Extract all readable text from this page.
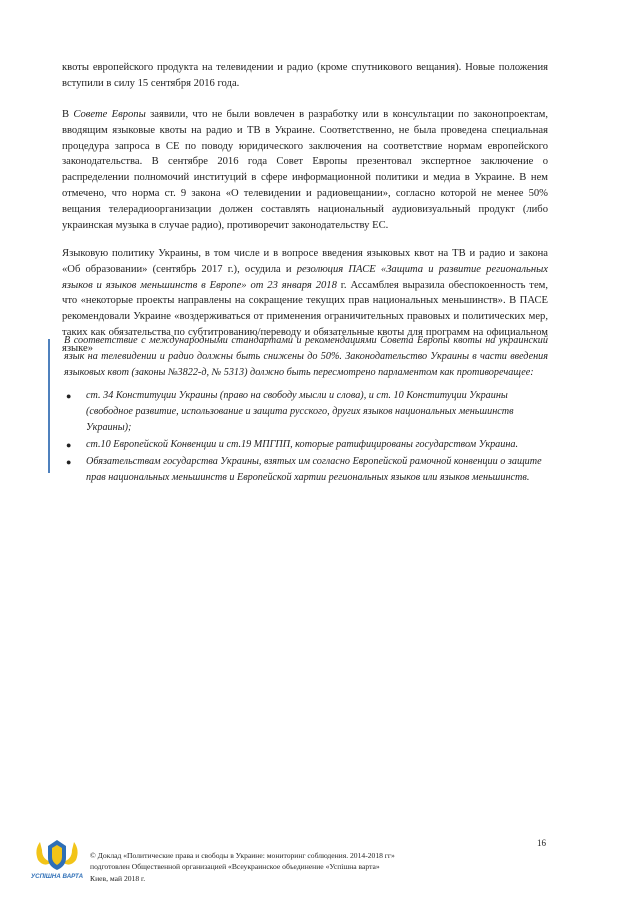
квоты европейского продукта на телевидении и радио (кроме спутникового вещания). Новые положения вступили в силу 15 сентября 2016 года.

В Совете Европы заявили, что не были вовлечен в разработку или в консультации по законопроектам, вводящим языковые квоты на радио и ТВ в Украине. Соответственно, не была проведена специальная процедура запроса в СЕ по поводу юридического заключения на соответствие нормам европейского законодательства. В сентябре 2016 года Совет Европы презентовал экспертное заключение о распределении полномочий институций в сфере информационной политики и медиа в Украине. В нем отмечено, что норма ст. 9 закона «О телевидении и радиовещании», согласно которой не менее 50% вещания телерадиоорганизации должен составлять национальный аудиовизуальный продукт (либо украинская музыка в случае радио), противоречит законодательству ЕС.

Языковую политику Украины, в том числе и в вопросе введения языковых квот на ТВ и радио и закона «Об образовании» (сентябрь 2017 г.), осудила и резолюция ПАСЕ «Защита и развитие региональных языков и языков меньшинств в Европе» от 23 января 2018 г. Ассамблея выразила обеспокоенность тем, что «некоторые проекты направлены на сокращение текущих прав национальных меньшинств». В ПАСЕ рекомендовали Украине «воздерживаться от применения ограничительных правовых и политических мер, таких как обязательства по субтитрованию/переводу и обязательные квоты для программ на официальном языке»

В соответствие с международными стандартами и рекомендациями Совета Европы квоты на украинский язык на телевидении и радио должны быть снижены до 50%. Законодательство Украины в части введения языковых квот (законы №3822-д, № 5313) должно быть пересмотрено парламентом как противоречащее:

● ст. 34 Конституции Украины (право на свободу мысли и слова), и ст. 10 Конституции Украины (свободное развитие, использование и защита русского, других языков национальных меньшинств Украины);
● ст.10 Европейской Конвенции и ст.19 МПГПП, которые ратифицированы государством Украина.
● Обязательствам государства Украины, взятых им согласно Европейской рамочной конвенции о защите прав национальных меньшинств и Европейской хартии региональных языков или языков меньшинств.
16
УСПІШНА ВАРТА

© Доклад «Политические права и свободы в Украине: мониторинг соблюдения. 2014-2018 гг»
подготовлен Общественной организацией «Всеукраинское объединение «Успішна варта»
Киев, май 2018 г.
